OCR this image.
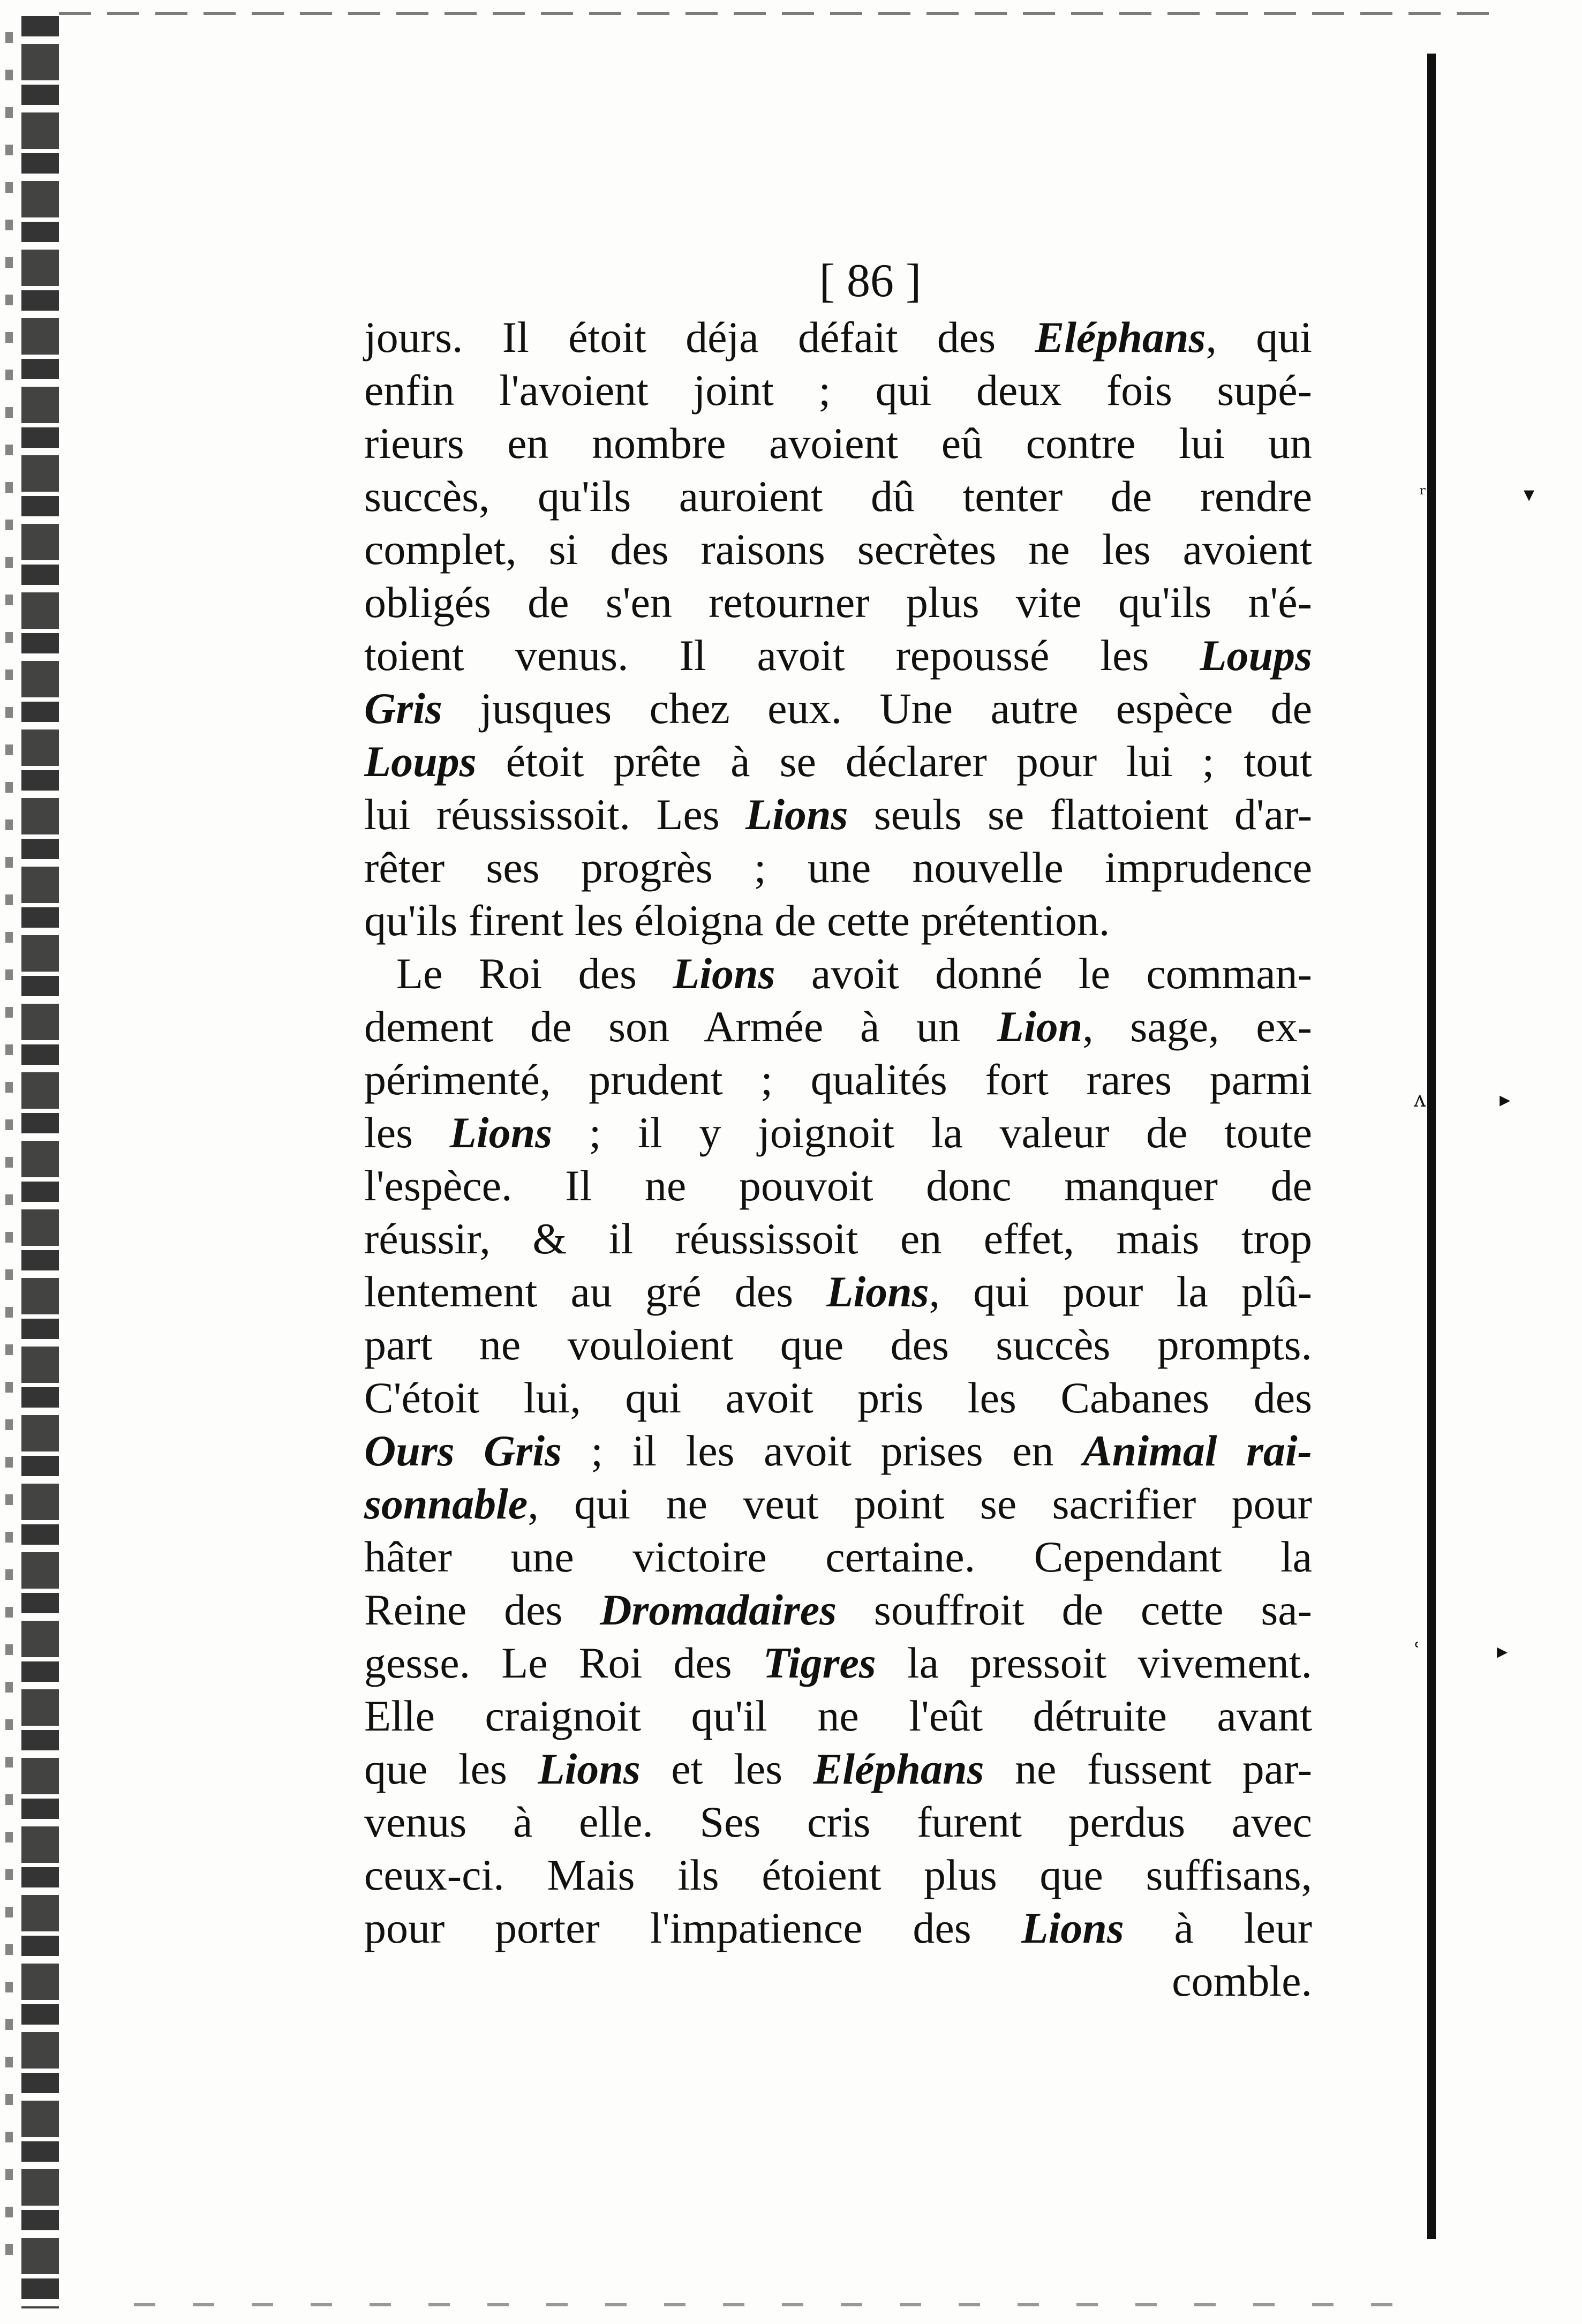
ʳ	▾
ʌ	▸
ʿ	▸
[ 86 ]
jours. Il étoit déja défait des Eléphans, qui
enfin l'avoient joint ; qui deux fois supé-
rieurs en nombre avoient eû contre lui un
succès, qu'ils auroient dû tenter de rendre
complet, si des raisons secrètes ne les avoient
obligés de s'en retourner plus vite qu'ils n'é-
toient venus. Il avoit repoussé les Loups
Gris jusques chez eux. Une autre espèce de
Loups étoit prête à se déclarer pour lui ; tout
lui réussissoit. Les Lions seuls se flattoient d'ar-
rêter ses progrès ; une nouvelle imprudence
qu'ils firent les éloigna de cette prétention.
Le Roi des Lions avoit donné le comman-
dement de son Armée à un Lion, sage, ex-
périmenté, prudent ; qualités fort rares parmi
les Lions ; il y joignoit la valeur de toute
l'espèce. Il ne pouvoit donc manquer de
réussir, & il réussissoit en effet, mais trop
lentement au gré des Lions, qui pour la plû-
part ne vouloient que des succès prompts.
C'étoit lui, qui avoit pris les Cabanes des
Ours Gris ; il les avoit prises en Animal rai-
sonnable, qui ne veut point se sacrifier pour
hâter une victoire certaine. Cependant la
Reine des Dromadaires souffroit de cette sa-
gesse. Le Roi des Tigres la pressoit vivement.
Elle craignoit qu'il ne l'eût détruite avant
que les Lions et les Eléphans ne fussent par-
venus à elle. Ses cris furent perdus avec
ceux-ci. Mais ils étoient plus que suffisans,
pour porter l'impatience des Lions à leur
comble.
